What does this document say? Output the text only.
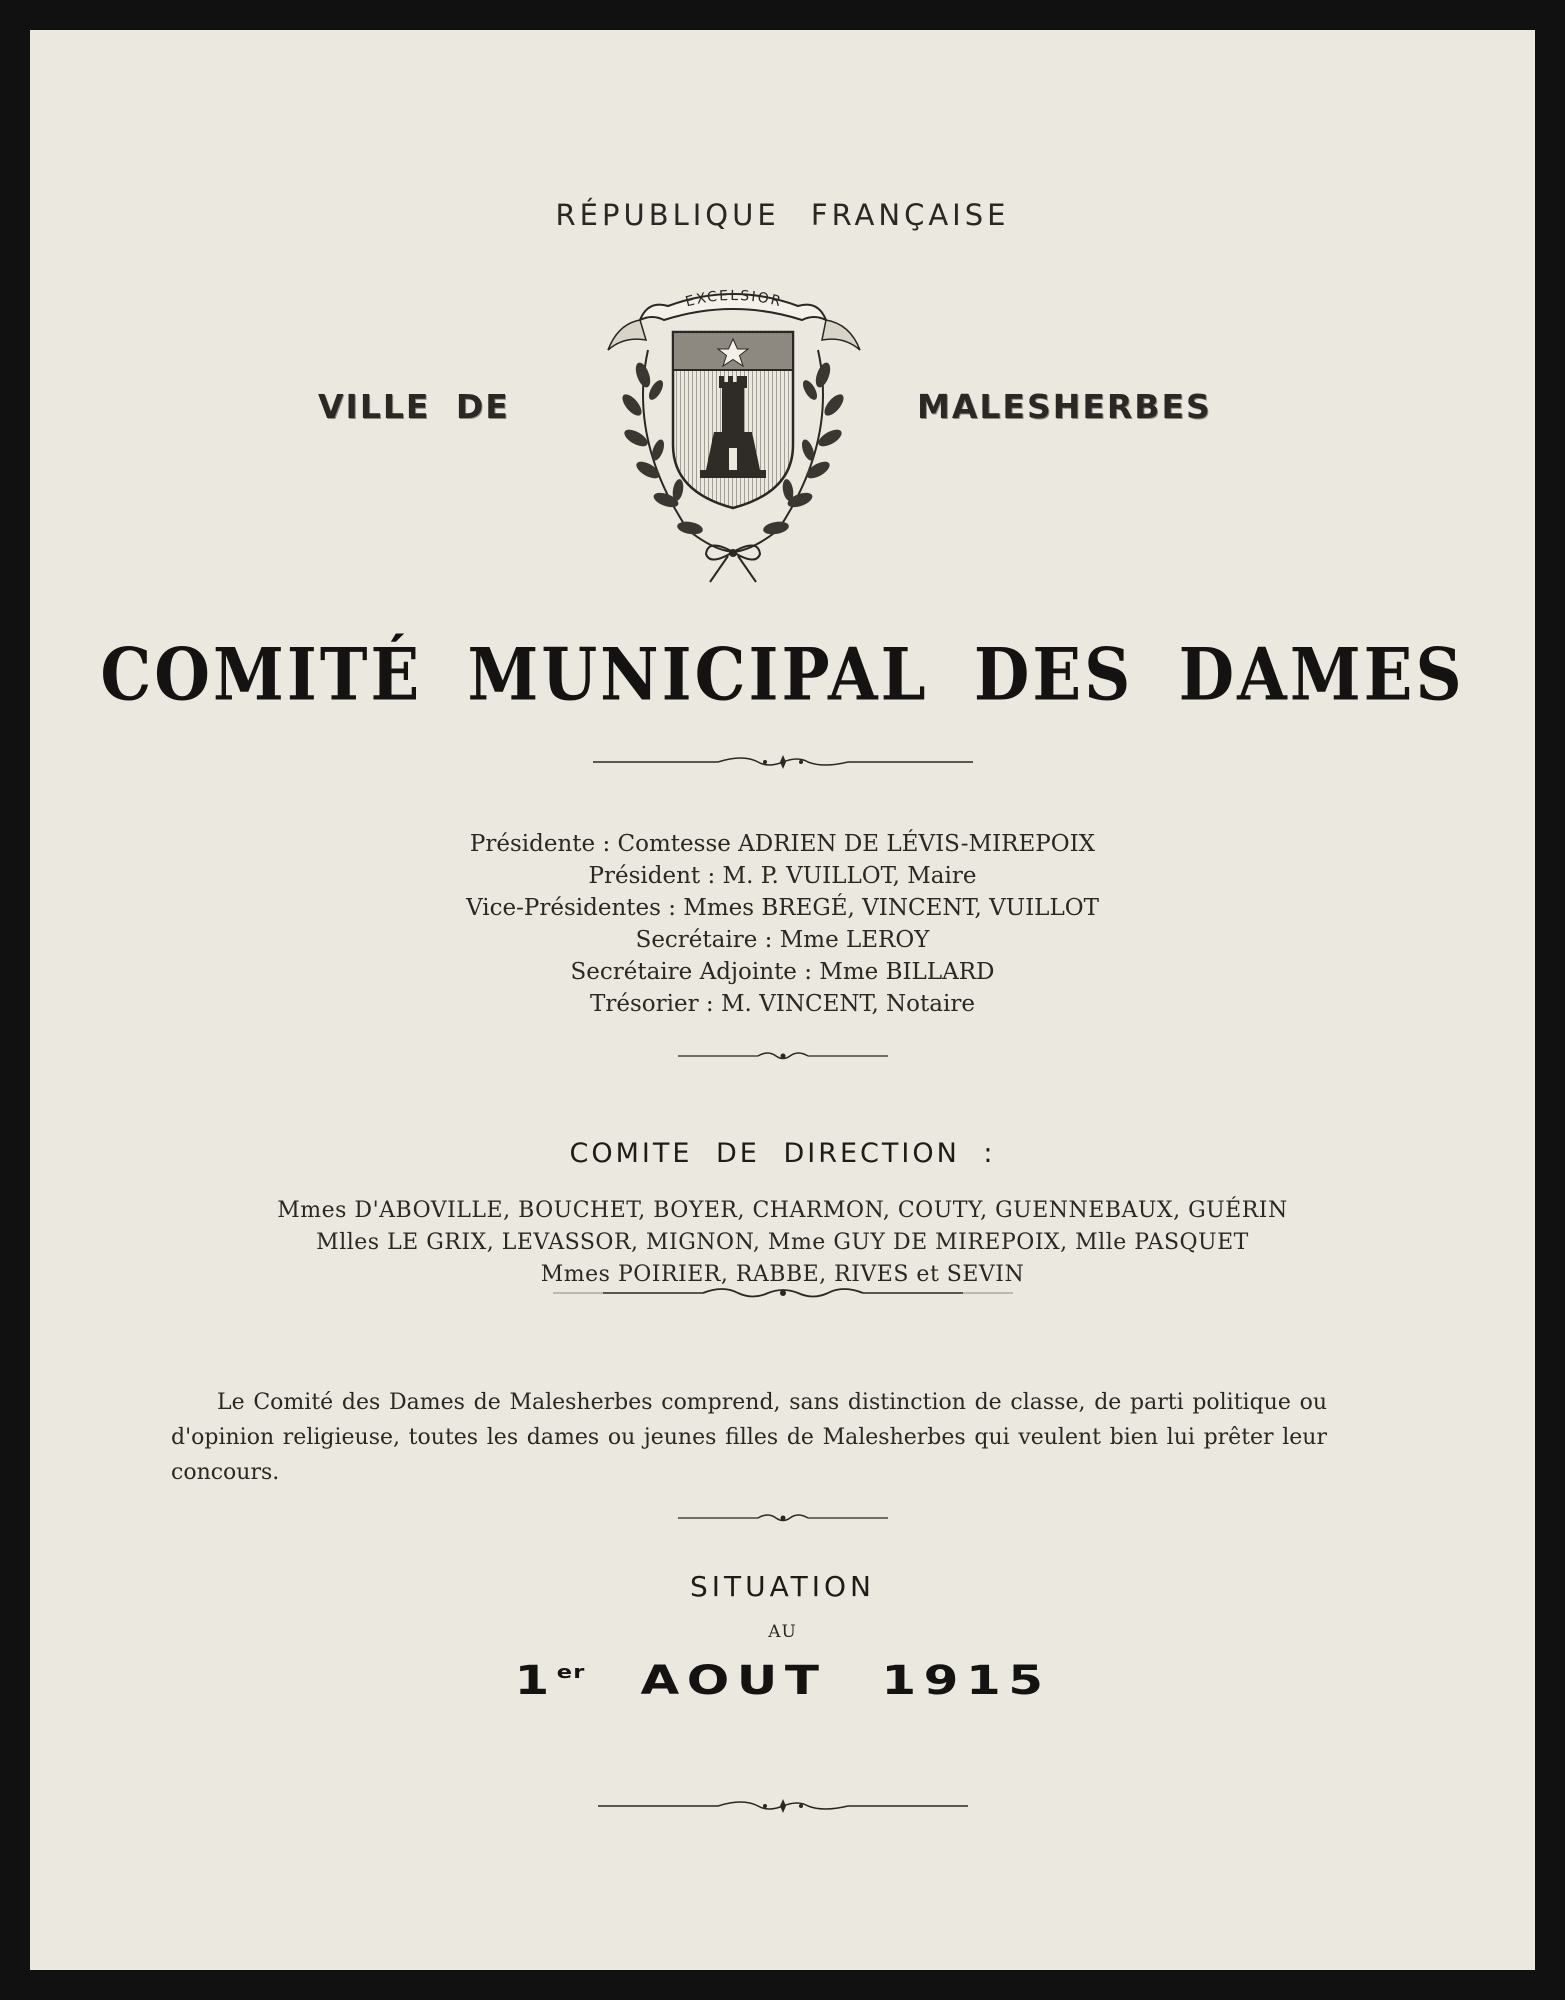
RÉPUBLIQUE FRANÇAISE
VILLE DE	MALESHERBES
EXCELSIOR
COMITÉ MUNICIPAL DES DAMES
Présidente : Comtesse ADRIEN DE LÉVIS-MIREPOIX
Président : M. P. VUILLOT, Maire
Vice-Présidentes : Mmes BREGÉ, VINCENT, VUILLOT
Secrétaire : Mme LEROY
Secrétaire Adjointe : Mme BILLARD
Trésorier : M. VINCENT, Notaire
COMITE DE DIRECTION :
Mmes D'ABOVILLE, BOUCHET, BOYER, CHARMON, COUTY, GUENNEBAUX, GUÉRIN
Mlles LE GRIX, LEVASSOR, MIGNON, Mme GUY DE MIREPOIX, Mlle PASQUET
Mmes POIRIER, RABBE, RIVES et SEVIN
Le Comité des Dames de Malesherbes comprend, sans distinction de classe, de parti politique ou d'opinion religieuse, toutes les dames ou jeunes filles de Malesherbes qui veulent bien lui prêter leur concours.
SITUATION
AU
1er AOUT 1915
